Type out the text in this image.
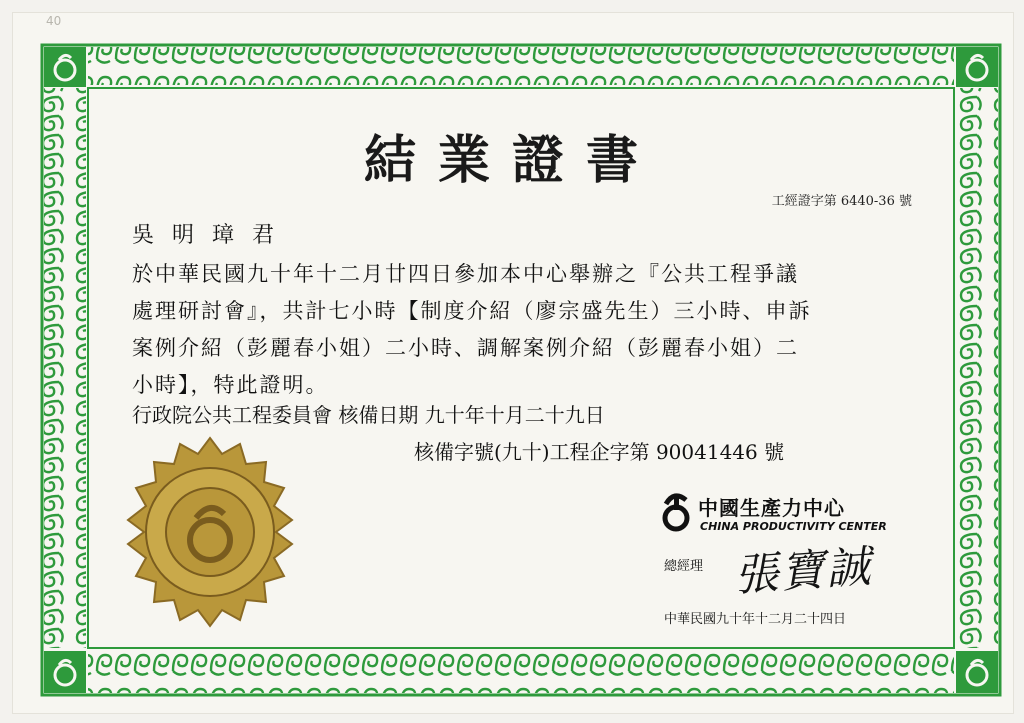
40
結業證書
工經證字第 6440-36 號
吳明璋君
於中華民國九十年十二月廿四日參加本中心舉辦之『公共工程爭議
處理研討會』，共計七小時【制度介紹（廖宗盛先生）三小時、申訴
案例介紹（彭麗春小姐）二小時、調解案例介紹（彭麗春小姐）二
小時】，特此證明。
行政院公共工程委員會 核備日期 九十年十月二十九日
核備字號(九十)工程企字第 90041446 號
中國生產力中心
CHINA PRODUCTIVITY CENTER
總經理 張寶誠
中華民國九十年十二月二十四日
